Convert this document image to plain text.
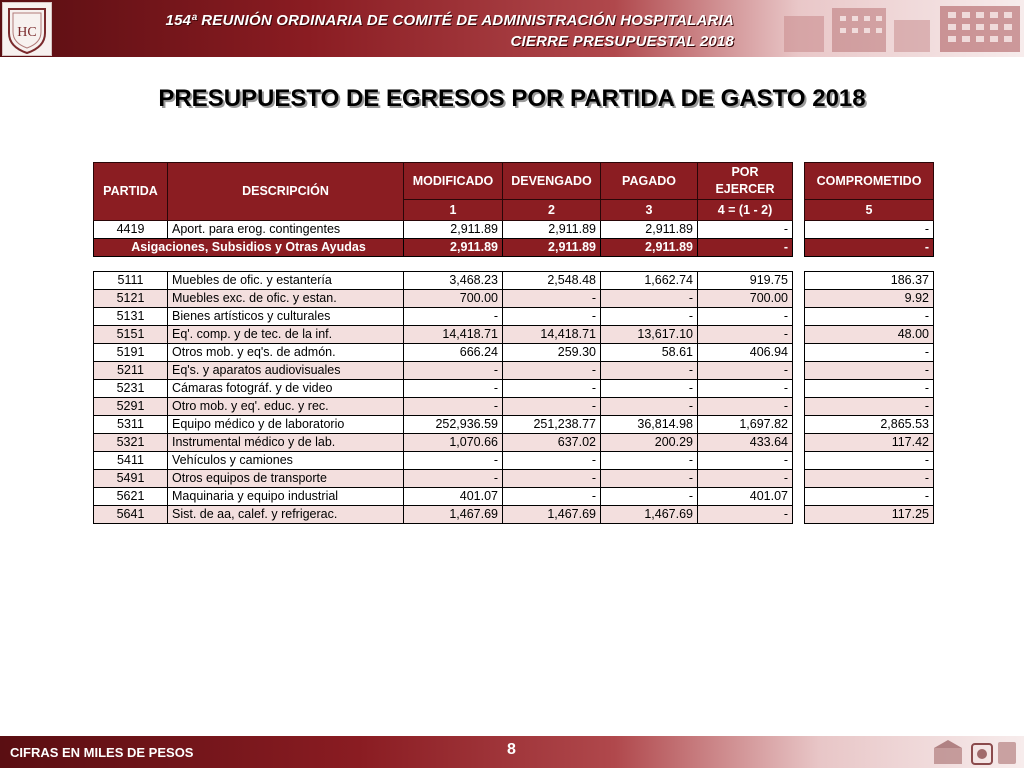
HC
154ª REUNIÓN ORDINARIA DE COMITÉ DE ADMINISTRACIÓN HOSPITALARIA
CIERRE PRESUPUESTAL 2018
PRESUPUESTO DE EGRESOS POR PARTIDA DE GASTO 2018
PARTIDA	DESCRIPCIÓN	MODIFICADO	DEVENGADO	PAGADO	POR
EJERCER		COMPROMETIDO
		1	2	3	4 = (1 - 2)		5
4419	Aport. para erog. contingentes	2,911.89	2,911.89	2,911.89	-		-
Asigaciones, Subsidios y Otras Ayudas		2,911.89	2,911.89	2,911.89	-		-

5111	Muebles de ofic. y estantería	3,468.23	2,548.48	1,662.74	919.75		186.37
5121	Muebles exc. de ofic. y estan.	700.00	-	-	700.00		9.92
5131	Bienes artísticos y culturales	-	-	-	-		-
5151	Eq'. comp. y de tec. de la inf.	14,418.71	14,418.71	13,617.10	-		48.00
5191	Otros mob. y eq's. de admón.	666.24	259.30	58.61	406.94		-
5211	Eq's. y aparatos audiovisuales	-	-	-	-		-
5231	Cámaras fotográf. y de video	-	-	-	-		-
5291	Otro mob. y eq'. educ. y rec.	-	-	-	-		-
5311	Equipo médico y de laboratorio	252,936.59	251,238.77	36,814.98	1,697.82		2,865.53
5321	Instrumental médico y de lab.	1,070.66	637.02	200.29	433.64		117.42
5411	Vehículos y camiones	-	-	-	-		-
5491	Otros equipos de transporte	-	-	-	-		-
5621	Maquinaria y equipo industrial	401.07	-	-	401.07		-
5641	Sist. de aa, calef. y refrigerac.	1,467.69	1,467.69	1,467.69	-		117.25
CIFRAS EN MILES DE PESOS	8
